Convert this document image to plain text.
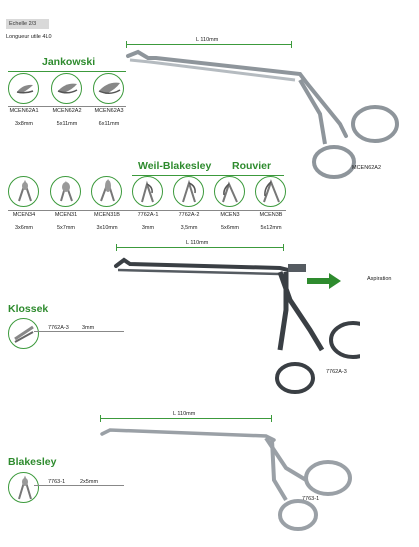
Echelle 2/3
Longueur utile 4L0
Jankowski
MCEN62A1	MCEN62A2	MCEN62A3
3x8mm	5x11mm	6x11mm
L 110mm
MCEN62A2
Weil-Blakesley Rouvier
MCEN34	MCEN31	MCEN31B	7762A-1	7762A-2	MCEN3	MCEN3B
3x6mm	5x7mm	3x10mm	3mm	3,5mm	5x6mm	5x12mm
L 110mm
Aspiration
7762A-3
Klossek
7762A-3 3mm
L 110mm
7763-1
Blakesley
7763-1	2x5mm
